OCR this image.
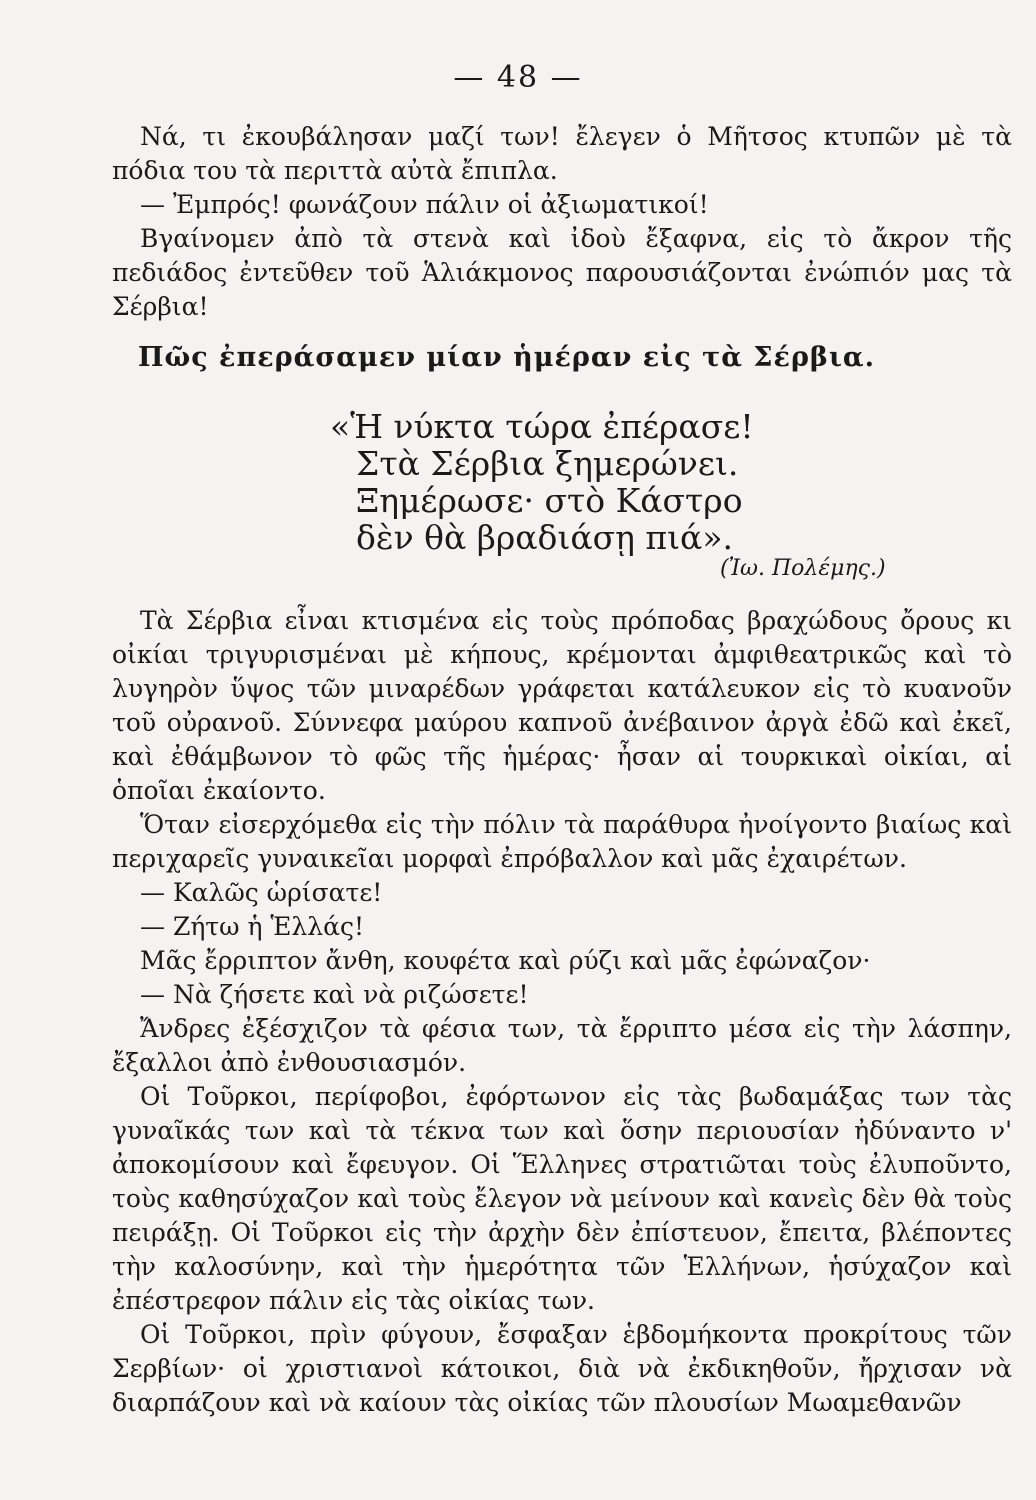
— 48 —

Νά, τι ἐκουβάλησαν μαζί των! ἔλεγεν ὁ Μῆτσος κτυπῶν μὲ τὰ πόδια του τὰ περιττὰ αὐτὰ ἔπιπλα.

— Ἐμπρός! φωνάζουν πάλιν οἱ ἀξιωματικοί!

Βγαίνομεν ἀπὸ τὰ στενὰ καὶ ἰδοὺ ἔξαφνα, εἰς τὸ ἄκρον τῆς πεδιάδος ἐντεῦθεν τοῦ Ἁλιάκμονος παρουσιάζονται ἐνώπιόν μας τὰ Σέρβια!

Πῶς ἐπεράσαμεν μίαν ἡμέραν εἰς τὰ Σέρβια.
«Ἡ νύκτα τώρα ἐπέρασε!
Στὰ Σέρβια ξημερώνει.
Ξημέρωσε· στὸ Κάστρο
δὲν θὰ βραδιάσῃ πιά».
(Ἰω. Πολέμης.)

Τὰ Σέρβια εἶναι κτισμένα εἰς τοὺς πρόποδας βραχώδους ὄρους κι οἰκίαι τριγυρισμέναι μὲ κήπους, κρέμονται ἀμφιθεατρικῶς καὶ τὸ λυγηρὸν ὕψος τῶν μιναρέδων γράφεται κατάλευκον εἰς τὸ κυανοῦν τοῦ οὐρανοῦ. Σύννεφα μαύρου καπνοῦ ἀνέβαινον ἀργὰ ἐδῶ καὶ ἐκεῖ, καὶ ἐθάμβωνον τὸ φῶς τῆς ἡμέρας· ἦσαν αἱ τουρκικαὶ οἰκίαι, αἱ ὁποῖαι ἐκαίοντο.

Ὅταν εἰσερχόμεθα εἰς τὴν πόλιν τὰ παράθυρα ἠνοίγοντο βιαίως καὶ περιχαρεῖς γυναικεῖαι μορφαὶ ἐπρόβαλλον καὶ μᾶς ἐχαιρέτων.

— Καλῶς ὡρίσατε!

— Ζήτω ἡ Ἑλλάς!

Μᾶς ἔρριπτον ἄνθη, κουφέτα καὶ ρύζι καὶ μᾶς ἐφώναζον·

— Νὰ ζήσετε καὶ νὰ ριζώσετε!

Ἄνδρες ἐξέσχιζον τὰ φέσια των, τὰ ἔρριπτο μέσα εἰς τὴν λάσπην, ἔξαλλοι ἀπὸ ἐνθουσιασμόν.

Οἱ Τοῦρκοι, περίφοβοι, ἐφόρτωνον εἰς τὰς βωδαμάξας των τὰς γυναῖκάς των καὶ τὰ τέκνα των καὶ ὅσην περιουσίαν ἠδύναντο ν' ἀποκομίσουν καὶ ἔφευγον. Οἱ Ἕλληνες στρατιῶται τοὺς ἐλυποῦντο, τοὺς καθησύχαζον καὶ τοὺς ἔλεγον νὰ μείνουν καὶ κανεὶς δὲν θὰ τοὺς πειράξῃ. Οἱ Τοῦρκοι εἰς τὴν ἀρχὴν δὲν ἐπίστευον, ἔπειτα, βλέποντες τὴν καλοσύνην, καὶ τὴν ἡμερότητα τῶν Ἑλλήνων, ἡσύχαζον καὶ ἐπέστρεφον πάλιν εἰς τὰς οἰκίας των.

Οἱ Τοῦρκοι, πρὶν φύγουν, ἔσφαξαν ἑβδομήκοντα προκρίτους τῶν Σερβίων· οἱ χριστιανοὶ κάτοικοι, διὰ νὰ ἐκδικηθοῦν, ἤρχισαν νὰ διαρπάζουν καὶ νὰ καίουν τὰς οἰκίας τῶν πλουσίων Μωαμεθανῶν
